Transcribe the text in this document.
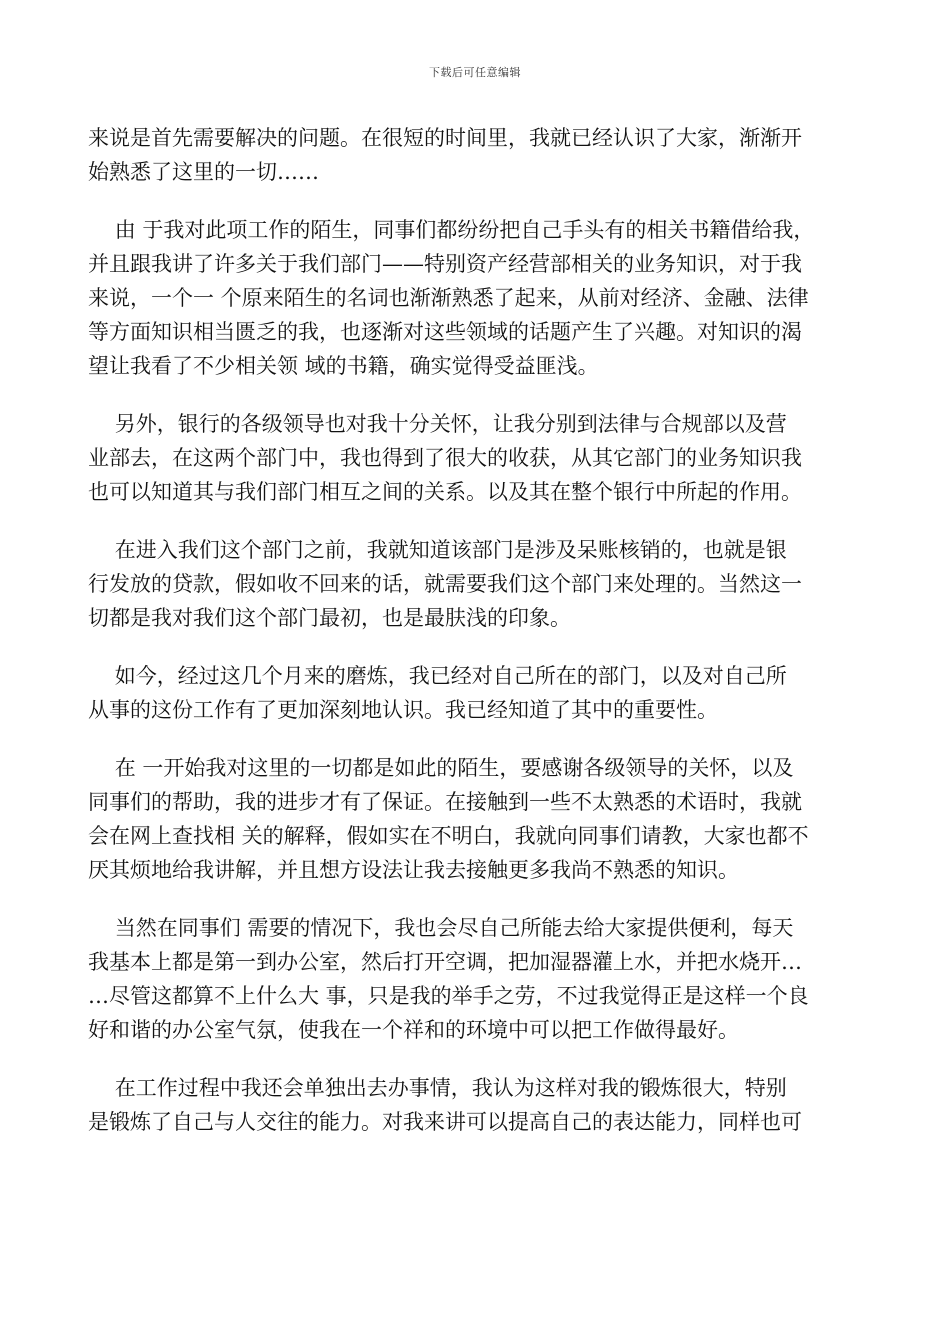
下载后可任意编辑
来说是首先需要解决的问题。在很短的时间里，我就已经认识了大家，渐渐开
始熟悉了这里的一切……
由 于我对此项工作的陌生，同事们都纷纷把自己手头有的相关书籍借给我，
并且跟我讲了许多关于我们部门——特别资产经营部相关的业务知识，对于我
来说，一个一 个原来陌生的名词也渐渐熟悉了起来，从前对经济、金融、法律
等方面知识相当匮乏的我，也逐渐对这些领域的话题产生了兴趣。对知识的渴
望让我看了不少相关领 域的书籍，确实觉得受益匪浅。
另外，银行的各级领导也对我十分关怀，让我分别到法律与合规部以及营
业部去，在这两个部门中，我也得到了很大的收获，从其它部门的业务知识我
也可以知道其与我们部门相互之间的关系。以及其在整个银行中所起的作用。
在进入我们这个部门之前，我就知道该部门是涉及呆账核销的，也就是银
行发放的贷款，假如收不回来的话，就需要我们这个部门来处理的。当然这一
切都是我对我们这个部门最初，也是最肤浅的印象。
如今，经过这几个月来的磨炼，我已经对自己所在的部门，以及对自己所
从事的这份工作有了更加深刻地认识。我已经知道了其中的重要性。
在 一开始我对这里的一切都是如此的陌生，要感谢各级领导的关怀，以及
同事们的帮助，我的进步才有了保证。在接触到一些不太熟悉的术语时，我就
会在网上查找相 关的解释，假如实在不明白，我就向同事们请教，大家也都不
厌其烦地给我讲解，并且想方设法让我去接触更多我尚不熟悉的知识。
当然在同事们 需要的情况下，我也会尽自己所能去给大家提供便利，每天
我基本上都是第一到办公室，然后打开空调，把加湿器灌上水，并把水烧开…
…尽管这都算不上什么大 事，只是我的举手之劳，不过我觉得正是这样一个良
好和谐的办公室气氛，使我在一个祥和的环境中可以把工作做得最好。
在工作过程中我还会单独出去办事情，我认为这样对我的锻炼很大，特别
是锻炼了自己与人交往的能力。对我来讲可以提高自己的表达能力，同样也可
